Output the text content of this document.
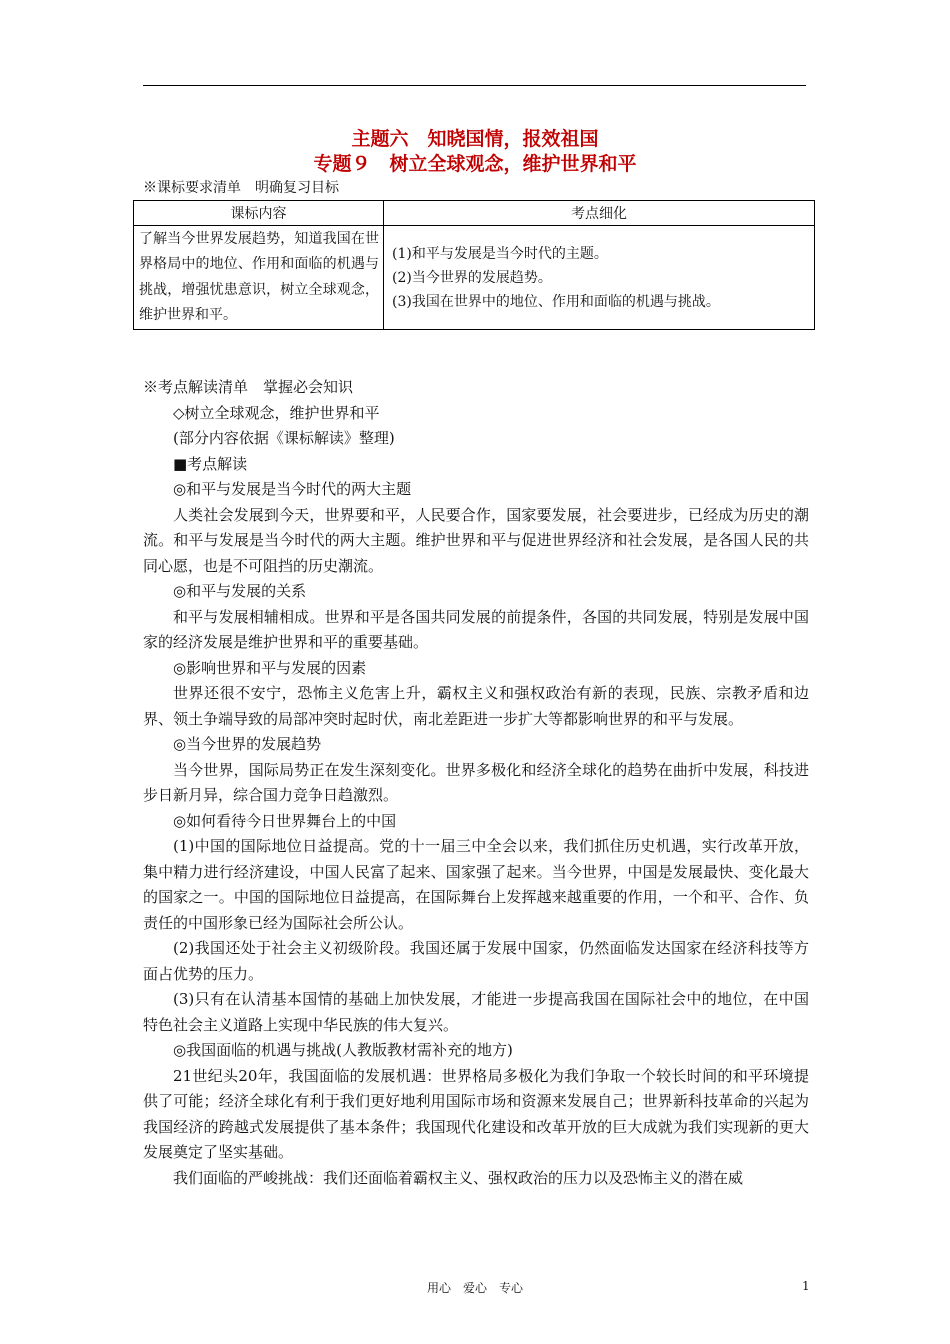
主题六　知晓国情，报效祖国
专题９　树立全球观念，维护世界和平
※课标要求清单　明确复习目标
课标内容	考点细化
了解当今世界发展趋势，知道我国在世界格局中的地位、作用和面临的机遇与挑战，增强忧患意识，树立全球观念，维护世界和平。	(1)和平与发展是当今时代的主题。
(2)当今世界的发展趋势。
(3)我国在世界中的地位、作用和面临的机遇与挑战。

※考点解读清单　掌握必会知识

◇树立全球观念，维护世界和平

(部分内容依据《课标解读》整理)

■考点解读

◎和平与发展是当今时代的两大主题

人类社会发展到今天，世界要和平，人民要合作，国家要发展，社会要进步，已经成为历史的潮流。和平与发展是当今时代的两大主题。维护世界和平与促进世界经济和社会发展，是各国人民的共同心愿，也是不可阻挡的历史潮流。

◎和平与发展的关系

和平与发展相辅相成。世界和平是各国共同发展的前提条件，各国的共同发展，特别是发展中国家的经济发展是维护世界和平的重要基础。

◎影响世界和平与发展的因素

世界还很不安宁，恐怖主义危害上升，霸权主义和强权政治有新的表现，民族、宗教矛盾和边界、领土争端导致的局部冲突时起时伏，南北差距进一步扩大等都影响世界的和平与发展。

◎当今世界的发展趋势

当今世界，国际局势正在发生深刻变化。世界多极化和经济全球化的趋势在曲折中发展，科技进步日新月异，综合国力竞争日趋激烈。

◎如何看待今日世界舞台上的中国

(1)中国的国际地位日益提高。党的十一届三中全会以来，我们抓住历史机遇，实行改革开放，集中精力进行经济建设，中国人民富了起来、国家强了起来。当今世界，中国是发展最快、变化最大的国家之一。中国的国际地位日益提高，在国际舞台上发挥越来越重要的作用，一个和平、合作、负责任的中国形象已经为国际社会所公认。

(2)我国还处于社会主义初级阶段。我国还属于发展中国家，仍然面临发达国家在经济科技等方面占优势的压力。

(3)只有在认清基本国情的基础上加快发展，才能进一步提高我国在国际社会中的地位，在中国特色社会主义道路上实现中华民族的伟大复兴。

◎我国面临的机遇与挑战(人教版教材需补充的地方)

21世纪头20年，我国面临的发展机遇：世界格局多极化为我们争取一个较长时间的和平环境提供了可能；经济全球化有利于我们更好地利用国际市场和资源来发展自己；世界新科技革命的兴起为我国经济的跨越式发展提供了基本条件；我国现代化建设和改革开放的巨大成就为我们实现新的更大发展奠定了坚实基础。

我们面临的严峻挑战：我们还面临着霸权主义、强权政治的压力以及恐怖主义的潜在威

用心　爱心　专心	1
